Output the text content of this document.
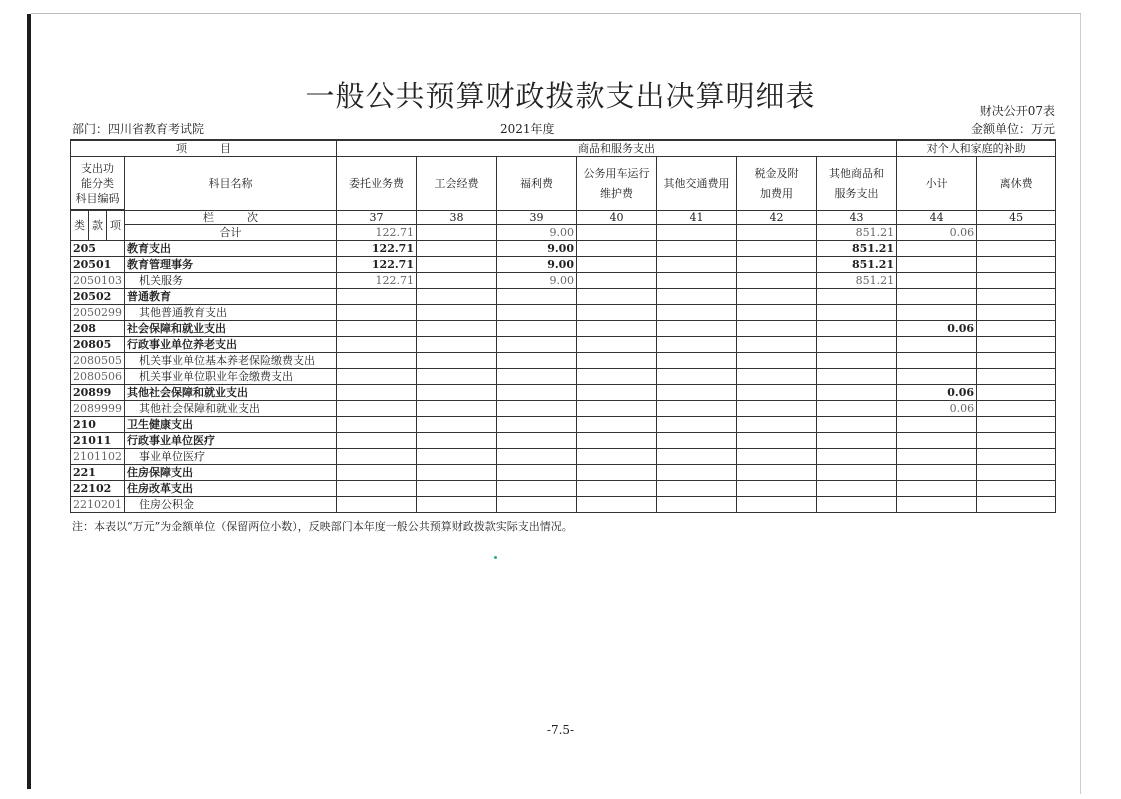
一般公共预算财政拨款支出决算明细表	财决公开07表
部门：四川省教育考试院	2021年度	金额单位：万元
项　　　目				商品和服务支出							对个人和家庭的补助	

支出功
能分类
科目编码			科目名称	委托业务费	工会经费	福利费	公务用车运行维护费	其他交通费用	税金及附加费用	其他商品和服务支出	小计	离休费

类	款	项	栏　　　次	37	38	39	40	41	42	43	44	45
			合计	122.71		9.00				851.21	0.06	
205			教育支出	122.71		9.00				851.21		
20501			教育管理事务	122.71		9.00				851.21		
2050103			机关服务	122.71		9.00				851.21		
20502			普通教育									
2050299			其他普通教育支出									
208			社会保障和就业支出								0.06	
20805			行政事业单位养老支出									
2080505			机关事业单位基本养老保险缴费支出									
2080506			机关事业单位职业年金缴费支出									
20899			其他社会保障和就业支出								0.06	
2089999			其他社会保障和就业支出								0.06	
210			卫生健康支出									
21011			行政事业单位医疗									
2101102			事业单位医疗									
221			住房保障支出									
22102			住房改革支出									
2210201			住房公积金									
注：本表以“万元”为金额单位（保留两位小数），反映部门本年度一般公共预算财政拨款实际支出情况。
-7.5-
